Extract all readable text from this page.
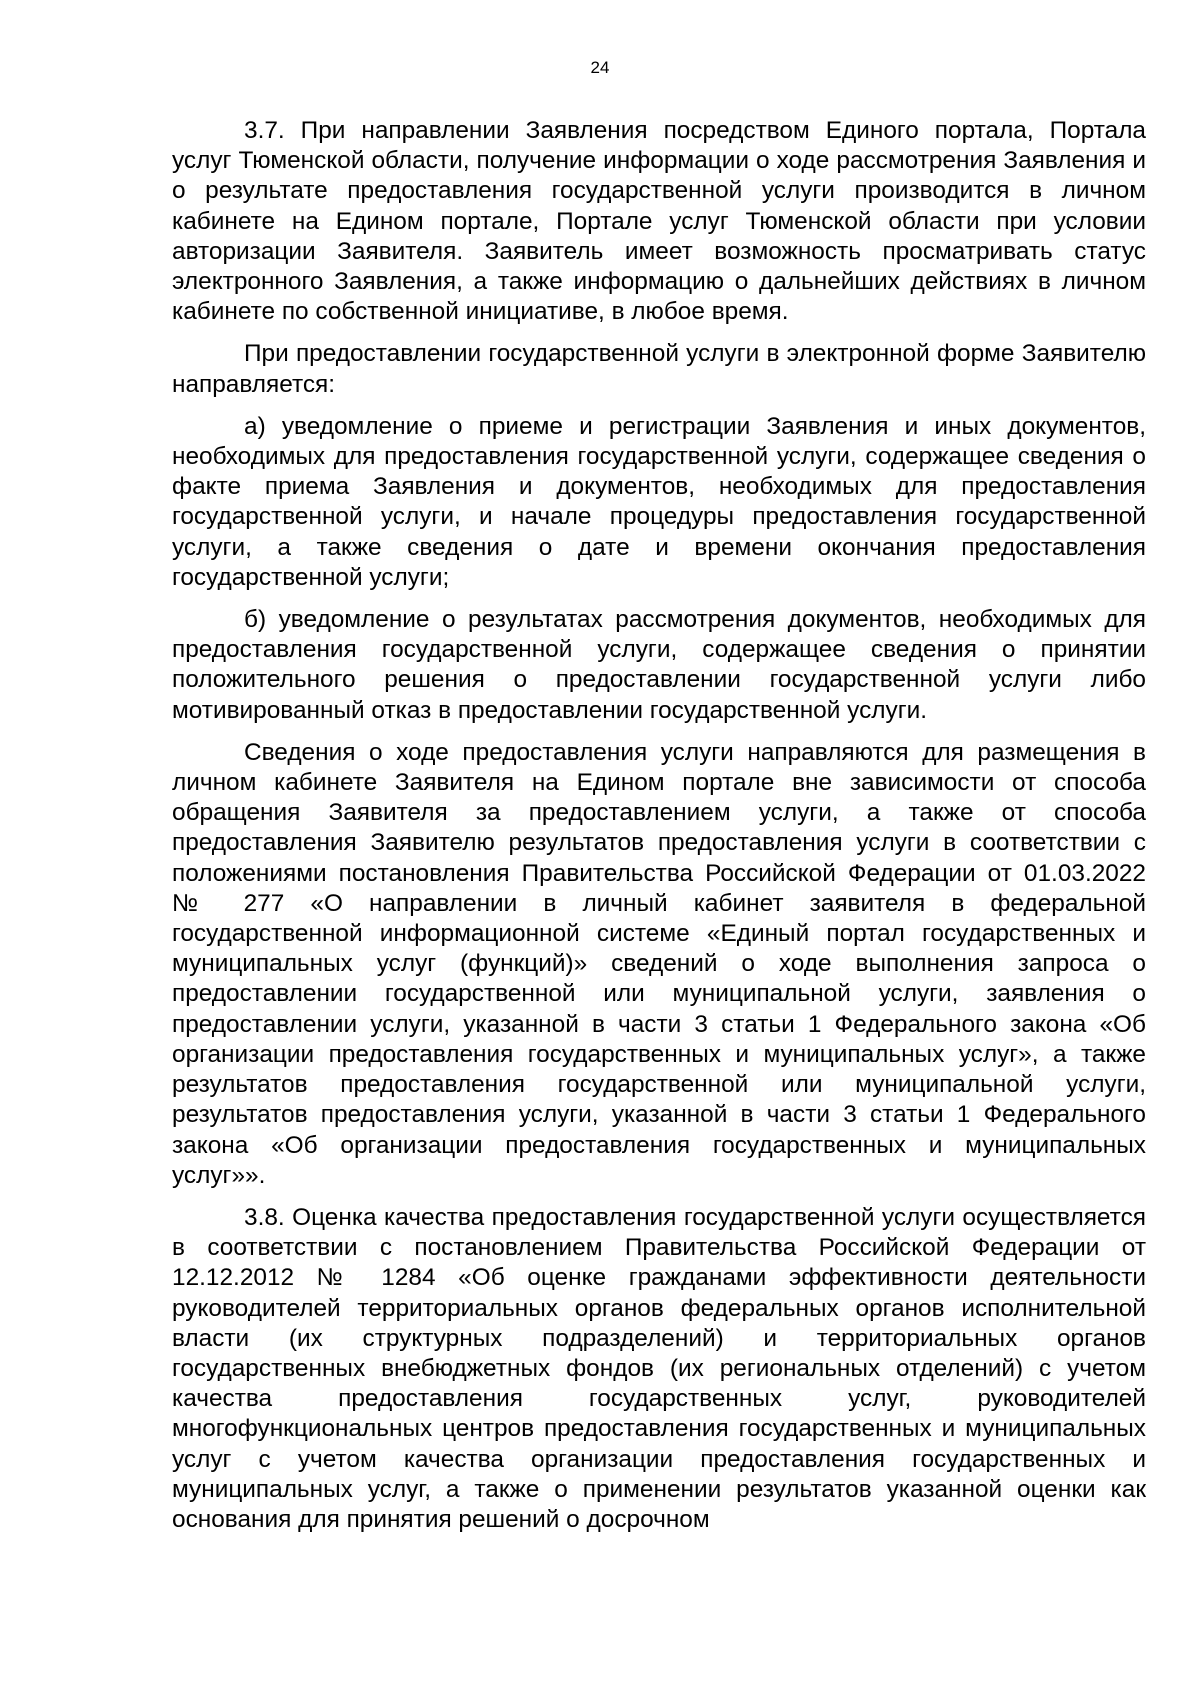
24

3.7. При направлении Заявления посредством Единого портала, Портала услуг Тюменской области, получение информации о ходе рассмотрения Заявления и о результате предоставления государственной услуги производится в личном кабинете на Едином портале, Портале услуг Тюменской области при условии авторизации Заявителя. Заявитель имеет возможность просматривать статус электронного Заявления, а также информацию о дальнейших действиях в личном кабинете по собственной инициативе, в любое время.

При предоставлении государственной услуги в электронной форме Заявителю направляется:

а) уведомление о приеме и регистрации Заявления и иных документов, необходимых для предоставления государственной услуги, содержащее сведения о факте приема Заявления и документов, необходимых для предоставления государственной услуги, и начале процедуры предоставления государственной услуги, а также сведения о дате и времени окончания предоставления государственной услуги;

б) уведомление о результатах рассмотрения документов, необходимых для предоставления государственной услуги, содержащее сведения о принятии положительного решения о предоставлении государственной услуги либо мотивированный отказ в предоставлении государственной услуги.

Сведения о ходе предоставления услуги направляются для размещения в личном кабинете Заявителя на Едином портале вне зависимости от способа обращения Заявителя за предоставлением услуги, а также от способа предоставления Заявителю результатов предоставления услуги в соответствии с положениями постановления Правительства Российской Федерации от 01.03.2022 № 277 «О направлении в личный кабинет заявителя в федеральной государственной информационной системе «Единый портал государственных и муниципальных услуг (функций)» сведений о ходе выполнения запроса о предоставлении государственной или муниципальной услуги, заявления о предоставлении услуги, указанной в части 3 статьи 1 Федерального закона «Об организации предоставления государственных и муниципальных услуг», а также результатов предоставления государственной или муниципальной услуги, результатов предоставления услуги, указанной в части 3 статьи 1 Федерального закона «Об организации предоставления государственных и муниципальных услуг»».

3.8. Оценка качества предоставления государственной услуги осуществляется в соответствии с постановлением Правительства Российской Федерации от 12.12.2012 № 1284 «Об оценке гражданами эффективности деятельности руководителей территориальных органов федеральных органов исполнительной власти (их структурных подразделений) и территориальных органов государственных внебюджетных фондов (их региональных отделений) с учетом качества предоставления государственных услуг, руководителей многофункциональных центров предоставления государственных и муниципальных услуг с учетом качества организации предоставления государственных и муниципальных услуг, а также о применении результатов указанной оценки как основания для принятия решений о досрочном
